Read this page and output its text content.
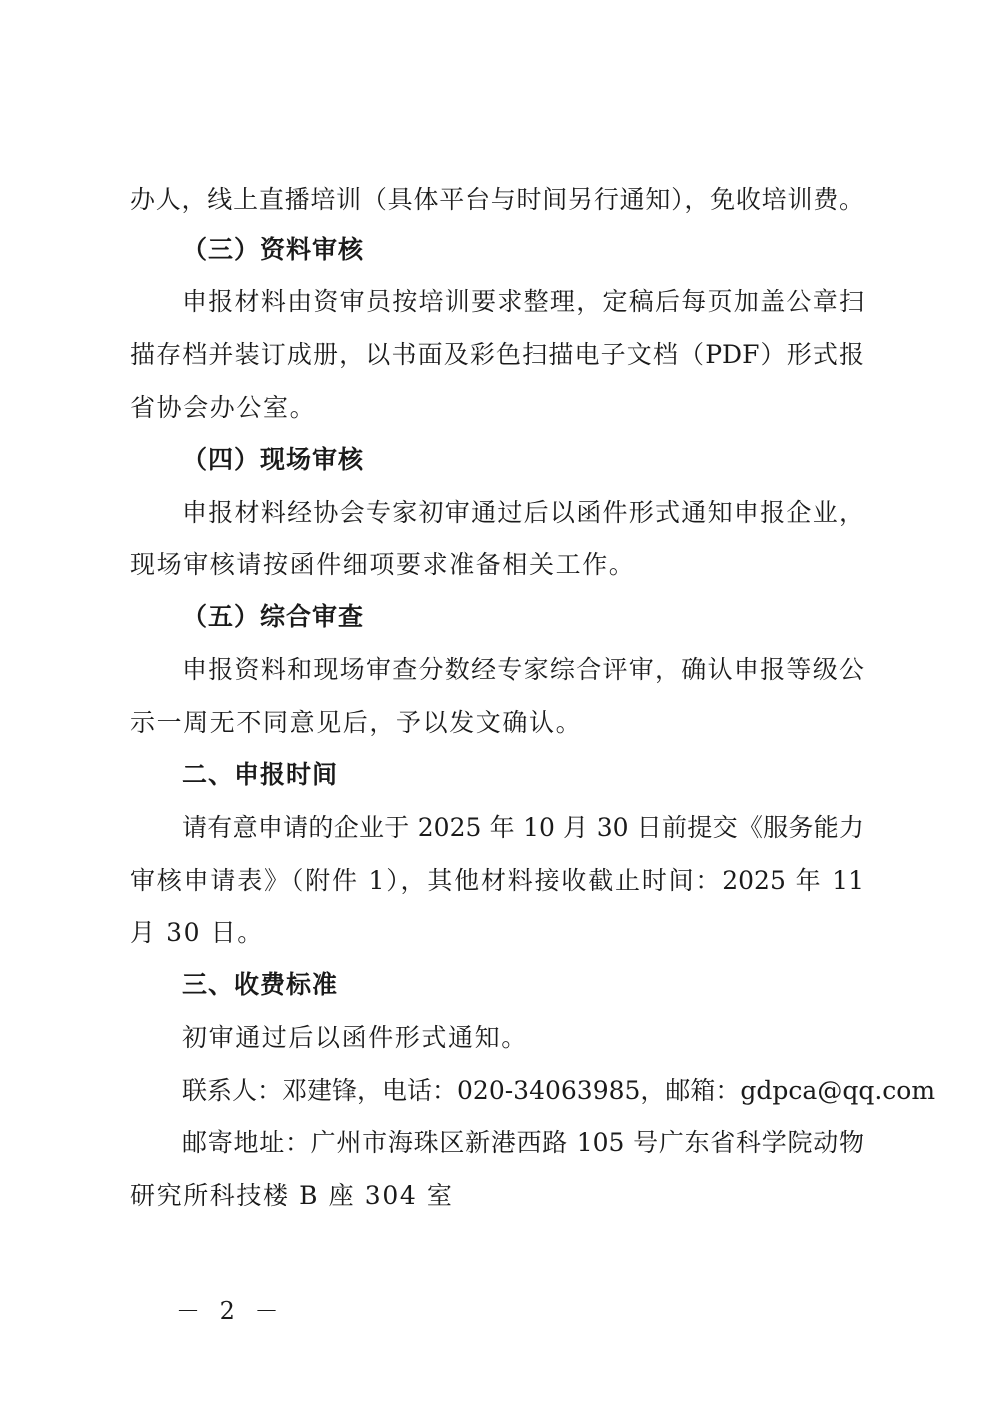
办人，线上直播培训（具体平台与时间另行通知），免收培训费。
（三）资料审核
申报材料由资审员按培训要求整理，定稿后每页加盖公章扫
描存档并装订成册，以书面及彩色扫描电子文档（PDF）形式报
省协会办公室。
（四）现场审核
申报材料经协会专家初审通过后以函件形式通知申报企业，
现场审核请按函件细项要求准备相关工作。
（五）综合审查
申报资料和现场审查分数经专家综合评审，确认申报等级公
示一周无不同意见后，予以发文确认。
二、申报时间
请有意申请的企业于 2025 年 10 月 30 日前提交《服务能力
审核申请表》（附件 1），其他材料接收截止时间：2025 年 11
月 30 日。
三、收费标准
初审通过后以函件形式通知。
联系人：邓建锋，电话：020-34063985，邮箱：gdpca@qq.com
邮寄地址：广州市海珠区新港西路 105 号广东省科学院动物
研究所科技楼 B 座 304 室
－ 2 －
